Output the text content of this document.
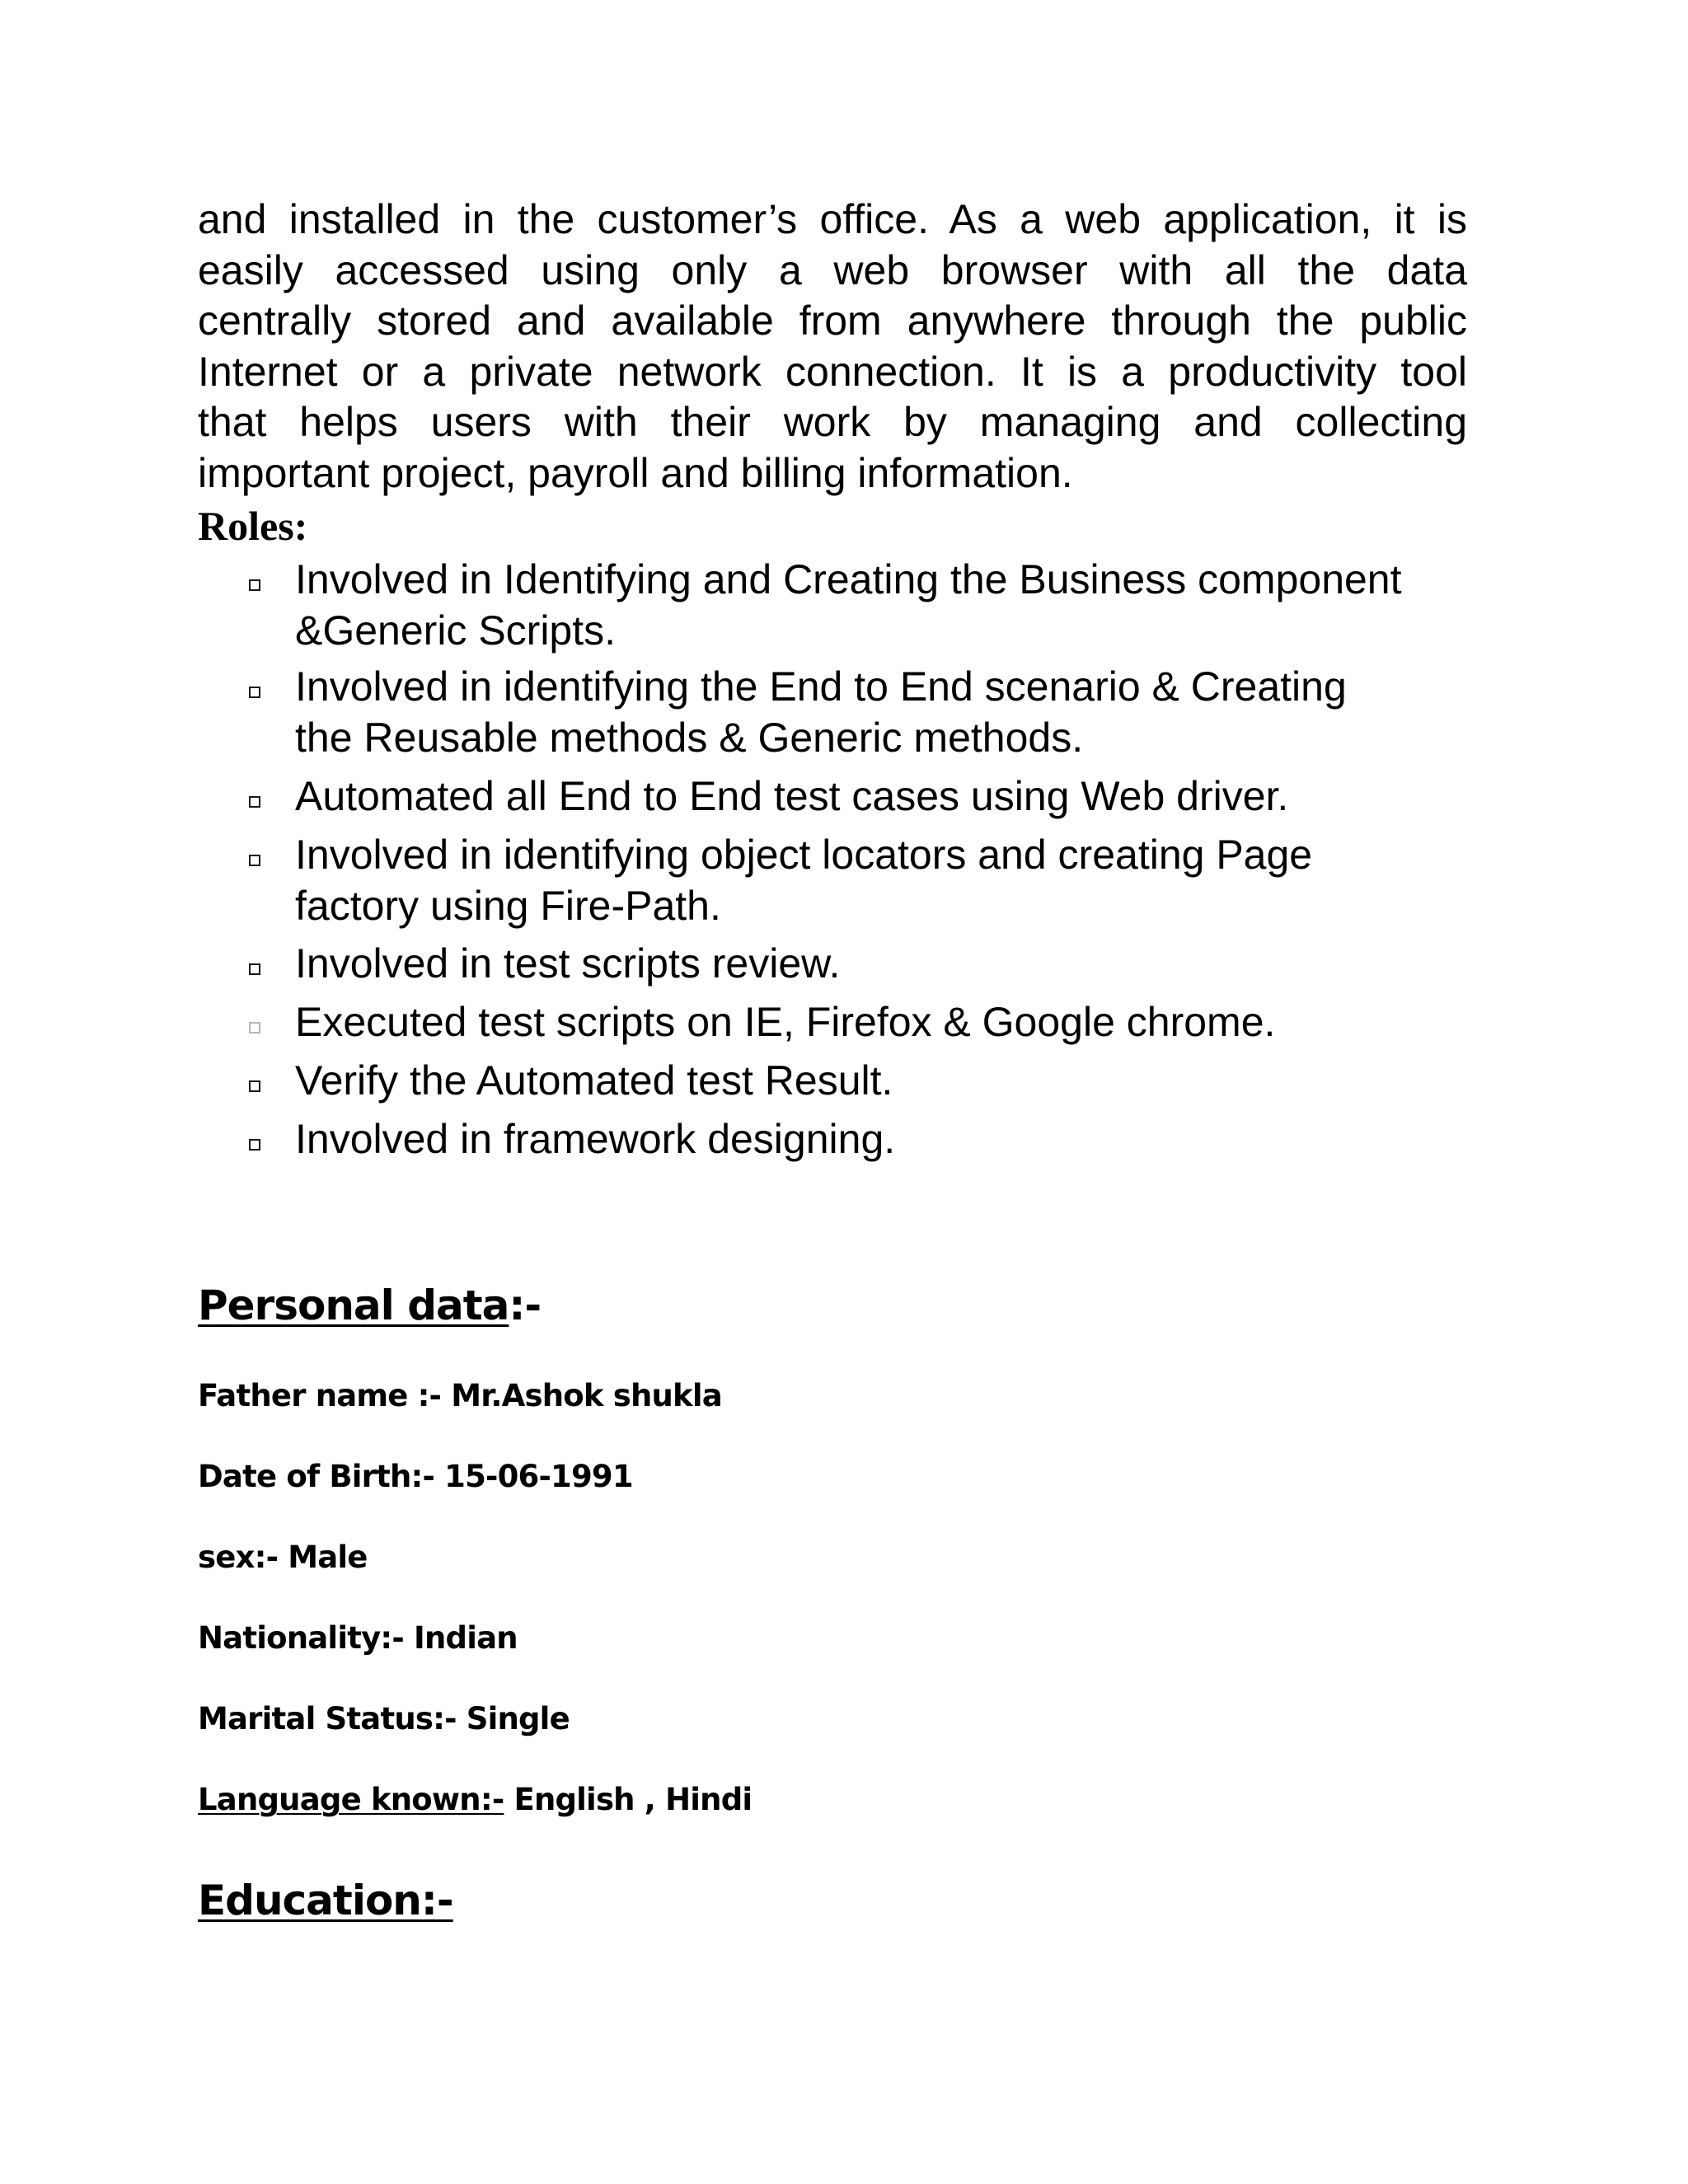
and installed in the customer’s office. As a web application, it is
easily accessed using only a web browser with all the data
centrally stored and available from anywhere through the public
Internet or a private network connection. It is a productivity tool
that helps users with their work by managing and collecting
important project, payroll and billing information.

Roles:
Involved in Identifying and Creating the Business component
&Generic Scripts.
Involved in identifying the End to End scenario & Creating
the Reusable methods & Generic methods.
Automated all End to End test cases using Web driver.
Involved in identifying object locators and creating Page
factory using Fire-Path.
Involved in test scripts review.
Executed test scripts on IE, Firefox & Google chrome.
Verify the Automated test Result.
Involved in framework designing.
Personal data:-

Father name :- Mr.Ashok shukla

Date of Birth:- 15-06-1991

sex:- Male

Nationality:- Indian

Marital Status:- Single

Language known:- English , Hindi

Education:-
